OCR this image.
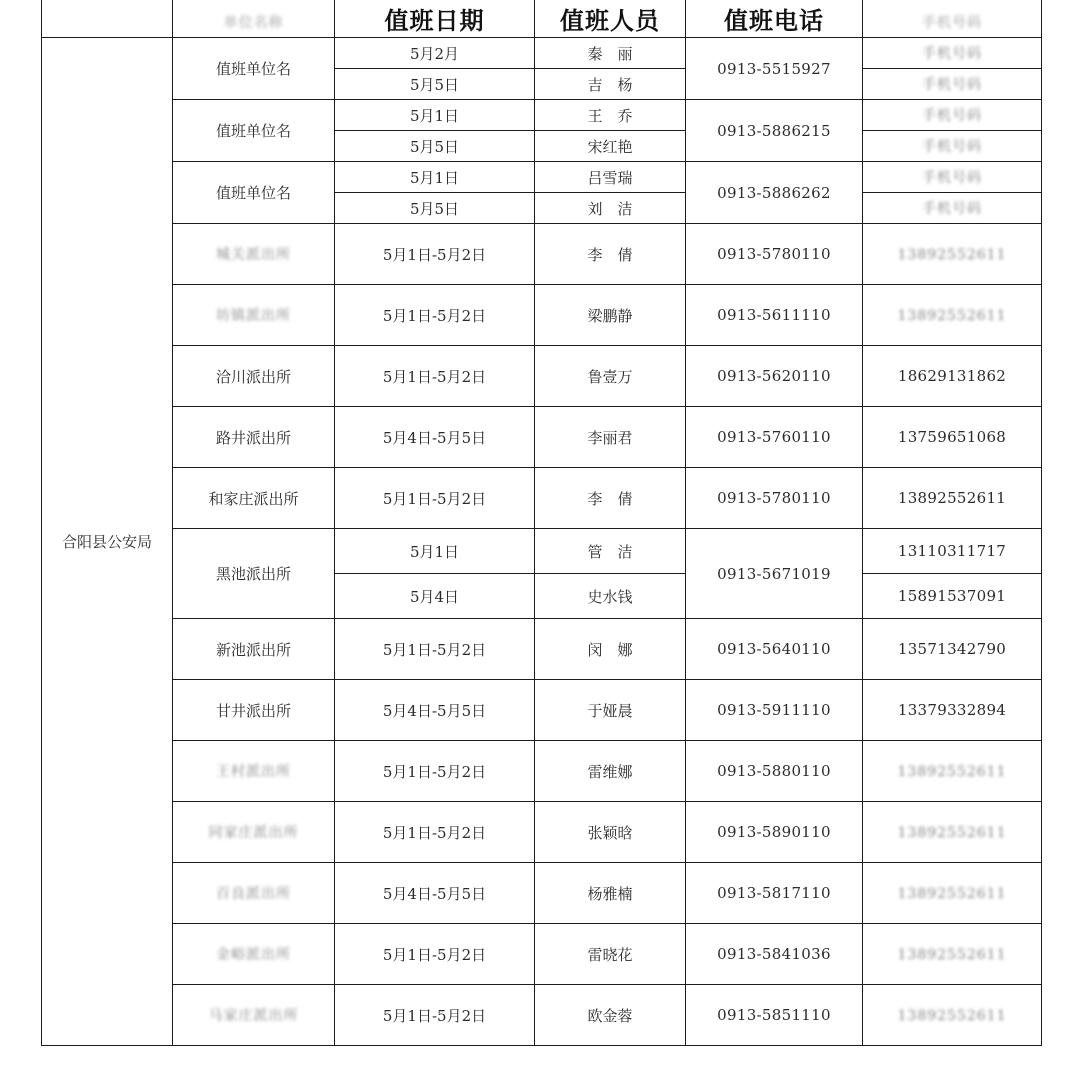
	单位名称	值班日期	值班人员	值班电话	手机号码
合阳县公安局	值班单位名	5月2月	秦　丽	0913-5515927	手机号码
		5月5日	吉　杨		手机号码
	值班单位名	5月1日	王　乔	0913-5886215	手机号码
		5月5日	宋红艳		手机号码
	值班单位名	5月1日	吕雪瑞	0913-5886262	手机号码
		5月5日	刘　洁		手机号码
	城关派出所	5月1日-5月2日	李　倩	0913-5780110	13892552611
	坊镇派出所	5月1日-5月2日	梁鹏静	0913-5611110	13892552611
	洽川派出所	5月1日-5月2日	鲁壹万	0913-5620110	18629131862
	路井派出所	5月4日-5月5日	李丽君	0913-5760110	13759651068
	和家庄派出所	5月1日-5月2日	李　倩	0913-5780110	13892552611
	黑池派出所	5月1日	管　洁	0913-5671019	13110311717
		5月4日	史水钱		15891537091
	新池派出所	5月1日-5月2日	闵　娜	0913-5640110	13571342790
	甘井派出所	5月4日-5月5日	于娅晨	0913-5911110	13379332894
	王村派出所	5月1日-5月2日	雷维娜	0913-5880110	13892552611
	同家庄派出所	5月1日-5月2日	张颖晗	0913-5890110	13892552611
	百良派出所	5月4日-5月5日	杨雅楠	0913-5817110	13892552611
	金峪派出所	5月1日-5月2日	雷晓花	0913-5841036	13892552611
	马家庄派出所	5月1日-5月2日	欧金蓉	0913-5851110	13892552611
